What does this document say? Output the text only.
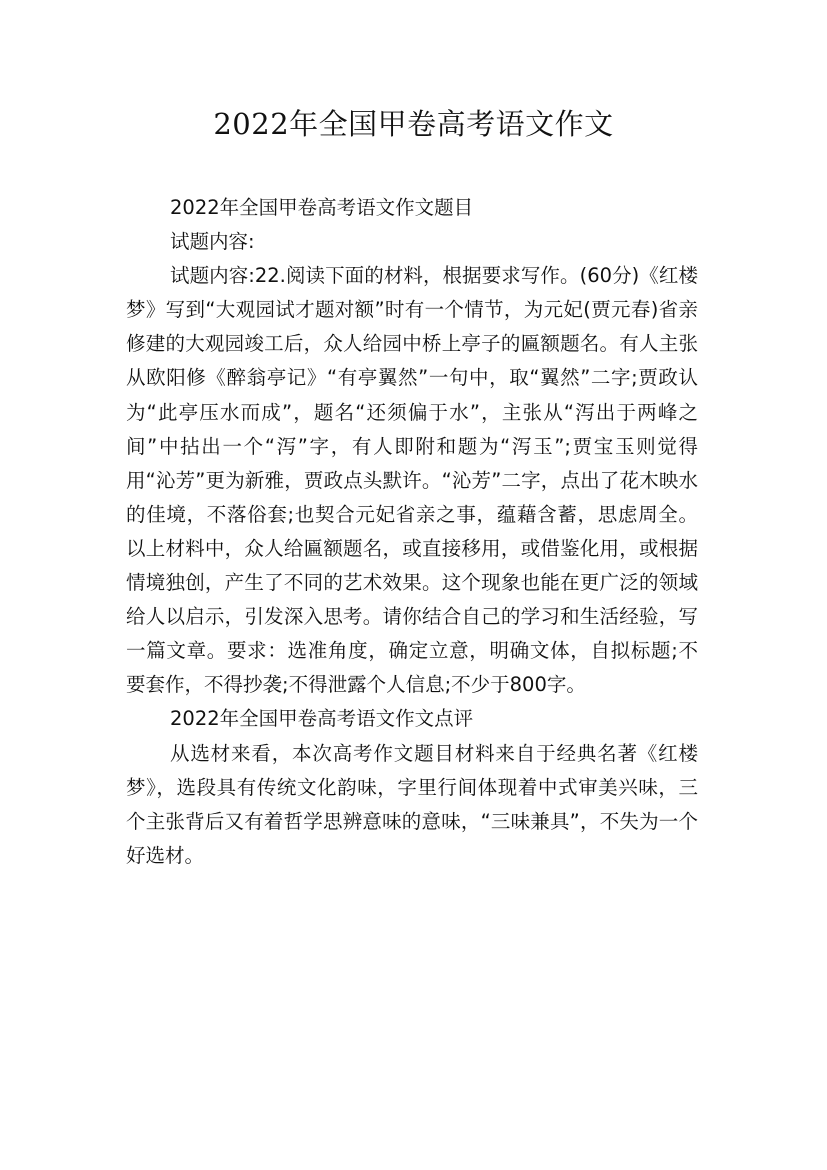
2022年全国甲卷高考语文作文

2022年全国甲卷高考语文作文题目

试题内容:

试题内容:22.阅读下面的材料，根据要求写作。(60分)《红楼梦》写到“大观园试才题对额”时有一个情节，为元妃(贾元春)省亲修建的大观园竣工后，众人给园中桥上亭子的匾额题名。有人主张从欧阳修《醉翁亭记》“有亭翼然”一句中，取“翼然”二字;贾政认为“此亭压水而成”，题名“还须偏于水”，主张从“泻出于两峰之间”中拈出一个“泻”字，有人即附和题为“泻玉”;贾宝玉则觉得用“沁芳”更为新雅，贾政点头默许。“沁芳”二字，点出了花木映水的佳境，不落俗套;也契合元妃省亲之事，蕴藉含蓄，思虑周全。以上材料中，众人给匾额题名，或直接移用，或借鉴化用，或根据情境独创，产生了不同的艺术效果。这个现象也能在更广泛的领域给人以启示，引发深入思考。请你结合自己的学习和生活经验，写一篇文章。要求：选准角度，确定立意，明确文体，自拟标题;不要套作，不得抄袭;不得泄露个人信息;不少于800字。

2022年全国甲卷高考语文作文点评

从选材来看，本次高考作文题目材料来自于经典名著《红楼梦》，选段具有传统文化韵味，字里行间体现着中式审美兴味，三个主张背后又有着哲学思辨意味的意味，“三味兼具”，不失为一个好选材。
